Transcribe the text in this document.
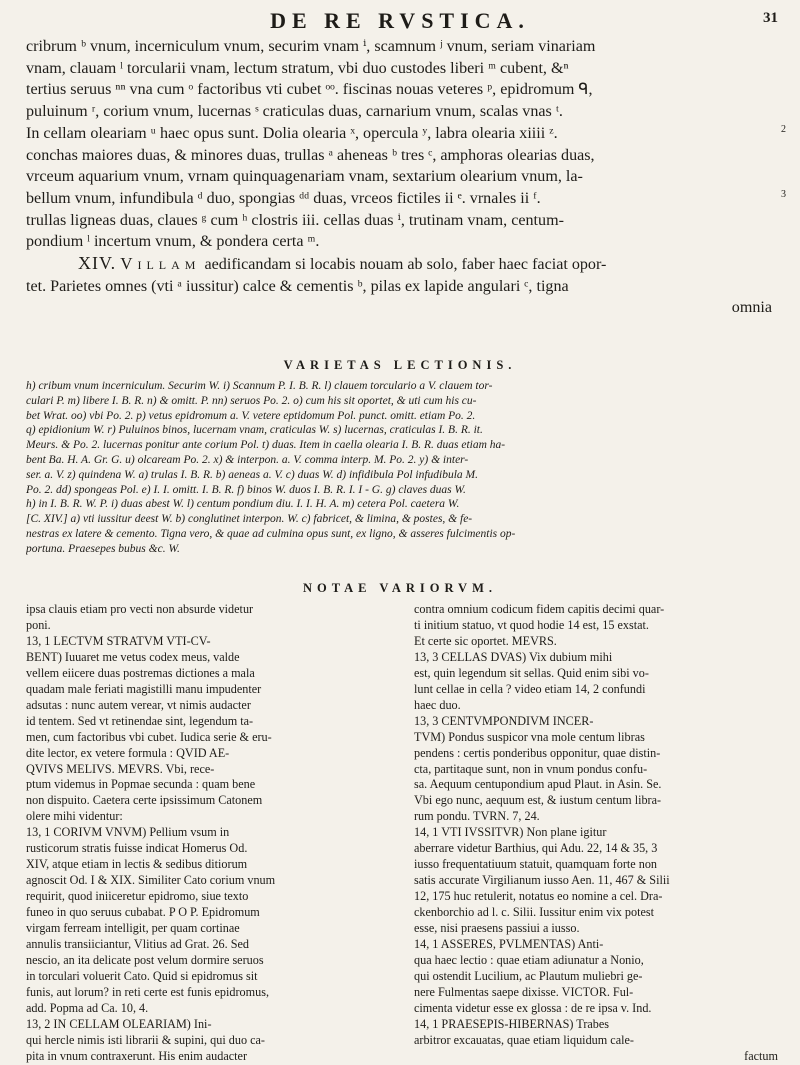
DE RE RVSTICA.	31
cribrum ᵇ vnum, incerniculum vnum, securim vnam ⁱ, scamnum ʲ vnum, seriam vinariam
vnam, clauam ˡ torcularii vnam, lectum stratum, vbi duo custodes liberi ᵐ cubent, &ⁿ
tertius seruus ⁿⁿ vna cum ᵒ factoribus vti cubet ᵒᵒ. fiscinas nouas veteres ᵖ, epidromum ᑫ,
puluinum ʳ, corium vnum, lucernas ˢ craticulas duas, carnarium vnum, scalas vnas ᵗ.
In cellam oleariam ᵘ haec opus sunt. Dolia olearia ˣ, opercula ʸ, labra olearia xiiii ᶻ.
conchas maiores duas, & minores duas, trullas ᵃ aheneas ᵇ tres ᶜ, amphoras olearias duas,
vrceum aquarium vnum, vrnam quinquagenariam vnam, sextarium olearium vnum, la-
bellum vnum, infundibula ᵈ duo, spongias ᵈᵈ duas, vrceos fictiles ii ᵉ. vrnales ii ᶠ.
trullas ligneas duas, claues ᵍ cum ʰ clostris iii. cellas duas ⁱ, trutinam vnam, centum-
pondium ˡ incertum vnum, & pondera certa ᵐ.
XIV. Villam aedificandam si locabis nouam ab solo, faber haec faciat opor-
tet. Parietes omnes (vti ᵃ iussitur) calce & cementis ᵇ, pilas ex lapide angulari ᶜ, tigna
omnia
2
3
VARIETAS LECTIONIS.
h) cribum vnum incerniculum. Securim W. i) Scannum P. I. B. R. l) clauem torculario a V. clauem tor-
culari P. m) libere I. B. R. n) & omitt. P. nn) seruos Po. 2. o) cum his sit oportet, & uti cum his cu-
bet Wrat. oo) vbi Po. 2. p) vetus epidromum a. V. vetere eptidomum Pol. punct. omitt. etiam Po. 2.
q) epidionium W. r) Puluinos binos, lucernam vnam, craticulas W. s) lucernas, craticulas I. B. R. it.
Meurs. & Po. 2. lucernas ponitur ante corium Pol. t) duas. Item in caella olearia I. B. R. duas etiam ha-
bent Ba. H. A. Gr. G. u) olcaream Po. 2. x) & interpon. a. V. comma interp. M. Po. 2. y) & inter-
ser. a. V. z) quindena W. a) trulas I. B. R. b) aeneas a. V. c) duas W. d) infidibula Pol infudibula M.
Po. 2. dd) spongeas Pol. e) I. I. omitt. I. B. R. f) binos W. duos I. B. R. I. I - G. g) claves duas W.
h) in I. B. R. W. P. i) duas abest W. l) centum pondium diu. I. I. H. A. m) cetera Pol. caetera W.
[C. XIV.] a) vti iussitur deest W. b) conglutinet interpon. W. c) fabricet, & limina, & postes, & fe-
nestras ex latere & cemento. Tigna vero, & quae ad culmina opus sunt, ex ligno, & asseres fulcimentis op-
portuna. Praesepes bubus &c. W.
NOTAE VARIORVM.
ipsa clauis etiam pro vecti non absurde videtur
poni.
13, 1 LECTVM STRATVM VTI-CV-
BENT) Iuuaret me vetus codex meus, valde
vellem eiicere duas postremas dictiones a mala
quadam male feriati magistilli manu impudenter
adsutas : nunc autem verear, vt nimis audacter
id tentem. Sed vt retinendae sint, legendum ta-
men, cum factoribus vbi cubet. Iudica serie & eru-
dite lector, ex vetere formula : QVID AE-
QVIVS MELIVS. MEVRS. Vbi, rece-
ptum videmus in Popmae secunda : quam bene
non dispuito. Caetera certe ipsissimum Catonem
olere mihi videntur:
13, 1 CORIVM VNVM) Pellium vsum in
rusticorum stratis fuisse indicat Homerus Od.
XIV, atque etiam in lectis & sedibus ditiorum
agnoscit Od. I & XIX. Similiter Cato corium vnum
requirit, quod iniiceretur epidromo, siue texto
funeo in quo seruus cubabat. P O P. Epidromum
virgam ferream intelligit, per quam cortinae
annulis transiiciantur, Vlitius ad Grat. 26. Sed
nescio, an ita delicate post velum dormire seruos
in torculari voluerit Cato. Quid si epidromus sit
funis, aut lorum? in reti certe est funis epidromus,
add. Popma ad Ca. 10, 4.
13, 2 IN CELLAM OLEARIAM) Ini-
qui hercle nimis isti librarii & supini, qui duo ca-
pita in vnum contraxerunt. His enim audacter
contra omnium codicum fidem capitis decimi quar-
ti initium statuo, vt quod hodie 14 est, 15 exstat.
Et certe sic oportet. MEVRS.
13, 3 CELLAS DVAS) Vix dubium mihi
est, quin legendum sit sellas. Quid enim sibi vo-
lunt cellae in cella ? video etiam 14, 2 confundi
haec duo.
13, 3 CENTVMPONDIVM INCER-
TVM) Pondus suspicor vna mole centum libras
pendens : certis ponderibus opponitur, quae distin-
cta, partitaque sunt, non in vnum pondus confu-
sa. Aequum centupondium apud Plaut. in Asin. Se.
Vbi ego nunc, aequum est, & iustum centum libra-
rum pondu. TVRN. 7, 24.
14, 1 VTI IVSSITVR) Non plane igitur
aberrare videtur Barthius, qui Adu. 22, 14 & 35, 3
iusso frequentatiuum statuit, quamquam forte non
satis accurate Virgilianum iusso Aen. 11, 467 & Silii
12, 175 huc retulerit, notatus eo nomine a cel. Dra-
ckenborchio ad l. c. Silii. Iussitur enim vix potest
esse, nisi praesens passiui a iusso.
14, 1 ASSERES, PVLMENTAS) Anti-
qua haec lectio : quae etiam adiunatur a Nonio,
qui ostendit Lucilium, ac Plautum muliebri ge-
nere Fulmentas saepe dixisse. VICTOR. Ful-
cimenta videtur esse ex glossa : de re ipsa v. Ind.
14, 1 PRAESEPIS-HIBERNAS) Trabes
arbitror excauatas, quae etiam liquidum cale-
factum
